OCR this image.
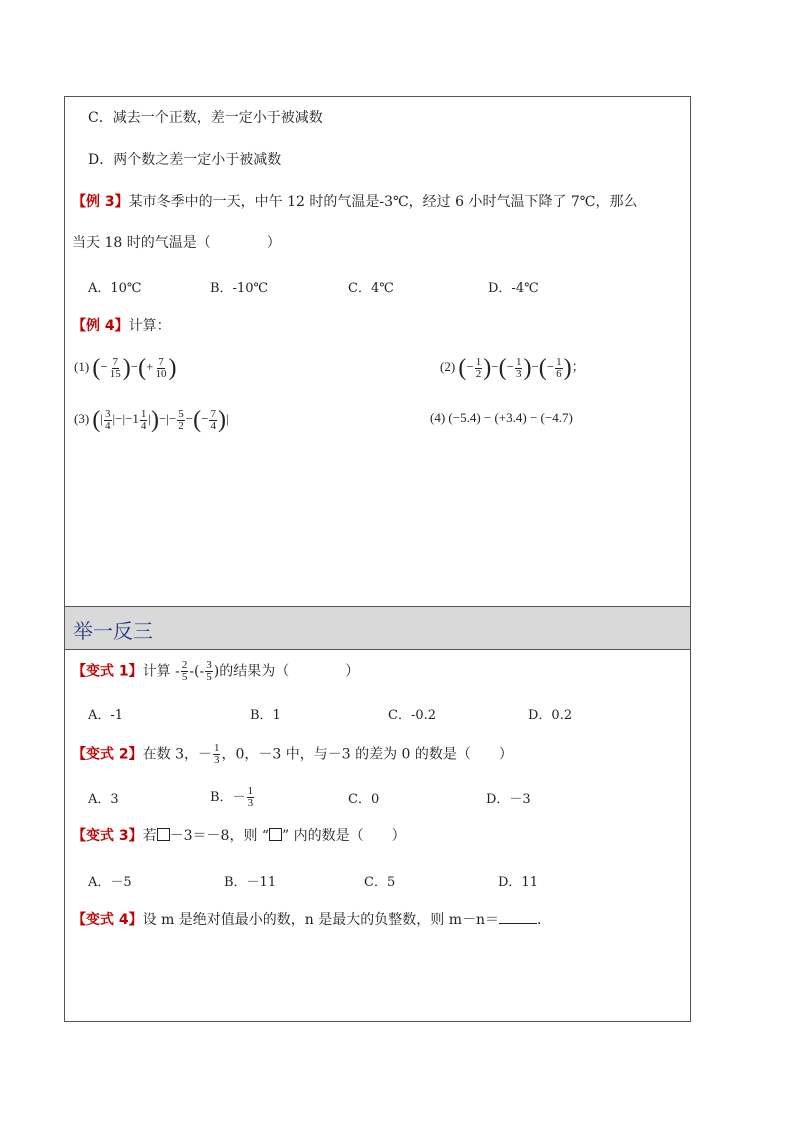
C．减去一个正数，差一定小于被减数
D．两个数之差一定小于被减数
【例 3】某市冬季中的一天，中午 12 时的气温是-3℃，经过 6 小时气温下降了 7℃，那么
当天 18 时的气温是（　　　　）
A．10℃	B．-10℃	C．4℃	D．-4℃
【例 4】计算：
(1) (− $\frac{7}{15}$ )−(+ $\frac{7}{10}$ )	(2) (− $\frac{1}{2}$ )−(− $\frac{1}{3}$ )−(− $\frac{1}{6}$ )；
(3) (| $\frac{3}{4} |-|-1 \frac{1}{4}$ |)−|− $\frac{5}{2}$ −(− $\frac{7}{4}$ )|	(4) (−5.4) − (+3.4) − (−4.7)
举一反三
【变式 1】计算 - $\frac{2}{5}$ -(- $\frac{3}{5}$ )的结果为（　　　　）
A．-1	B．1	C．-0.2	D．0.2
【变式 2】在数 3，－ $\frac{1}{3}$ ，0，－3 中，与－3 的差为 0 的数是（　　）
A．3	B．－ $\frac{1}{3}$	C．0	D．－3
【变式 3】若 －3＝－8，则 “ ” 内的数是（　　）
A．－5	B．－11	C．5	D．11
【变式 4】设 m 是绝对值最小的数，n 是最大的负整数，则 m－n＝	．
